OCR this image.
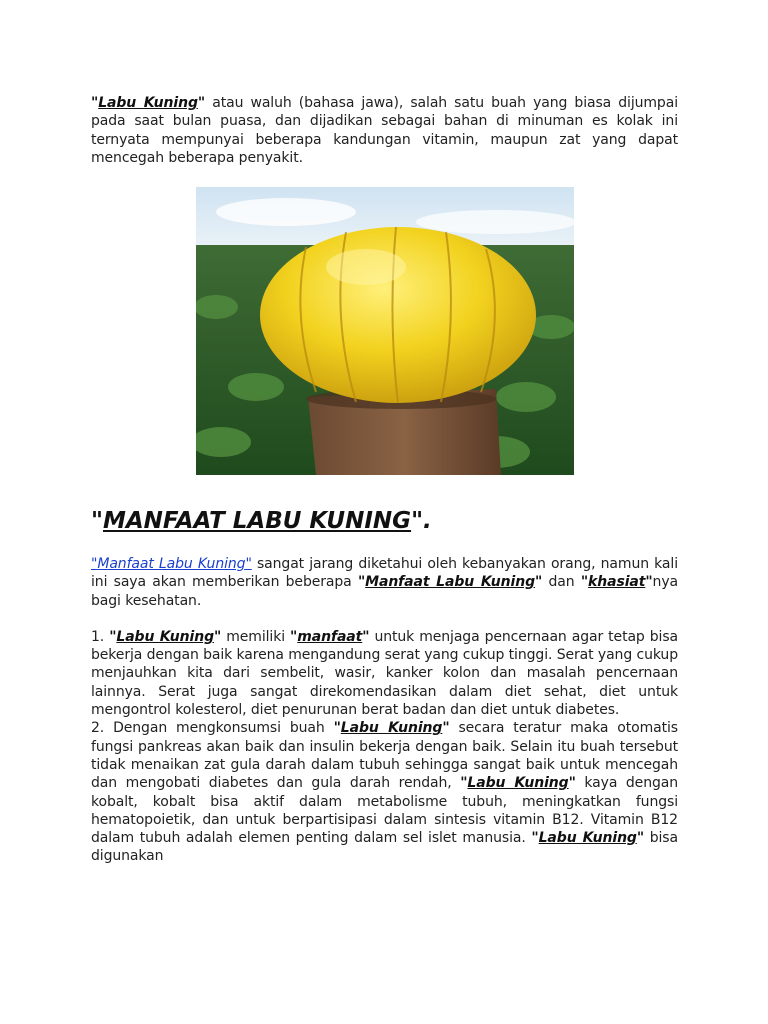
"Labu Kuning" atau waluh (bahasa jawa), salah satu buah yang biasa dijumpai pada saat bulan puasa, dan dijadikan sebagai bahan di minuman es kolak ini ternyata mempunyai beberapa kandungan vitamin, maupun zat yang dapat mencegah beberapa penyakit.

"MANFAAT LABU KUNING".

"Manfaat Labu Kuning" sangat jarang diketahui oleh kebanyakan orang, namun kali ini saya akan memberikan beberapa "Manfaat Labu Kuning" dan "khasiat"nya bagi kesehatan.

1. "Labu Kuning" memiliki "manfaat" untuk menjaga pencernaan agar tetap bisa bekerja dengan baik karena mengandung serat yang cukup tinggi. Serat yang cukup menjauhkan kita dari sembelit, wasir, kanker kolon dan masalah pencernaan lainnya. Serat juga sangat direkomendasikan dalam diet sehat, diet untuk mengontrol kolesterol, diet penurunan berat badan dan diet untuk diabetes.

2. Dengan mengkonsumsi buah "Labu Kuning" secara teratur maka otomatis fungsi pankreas akan baik dan insulin bekerja dengan baik. Selain itu buah tersebut tidak menaikan zat gula darah dalam tubuh sehingga sangat baik untuk mencegah dan mengobati diabetes dan gula darah rendah, "Labu Kuning" kaya dengan kobalt, kobalt bisa aktif dalam metabolisme tubuh, meningkatkan fungsi hematopoietik, dan untuk berpartisipasi dalam sintesis vitamin B12. Vitamin B12 dalam tubuh adalah elemen penting dalam sel islet manusia. "Labu Kuning" bisa digunakan
